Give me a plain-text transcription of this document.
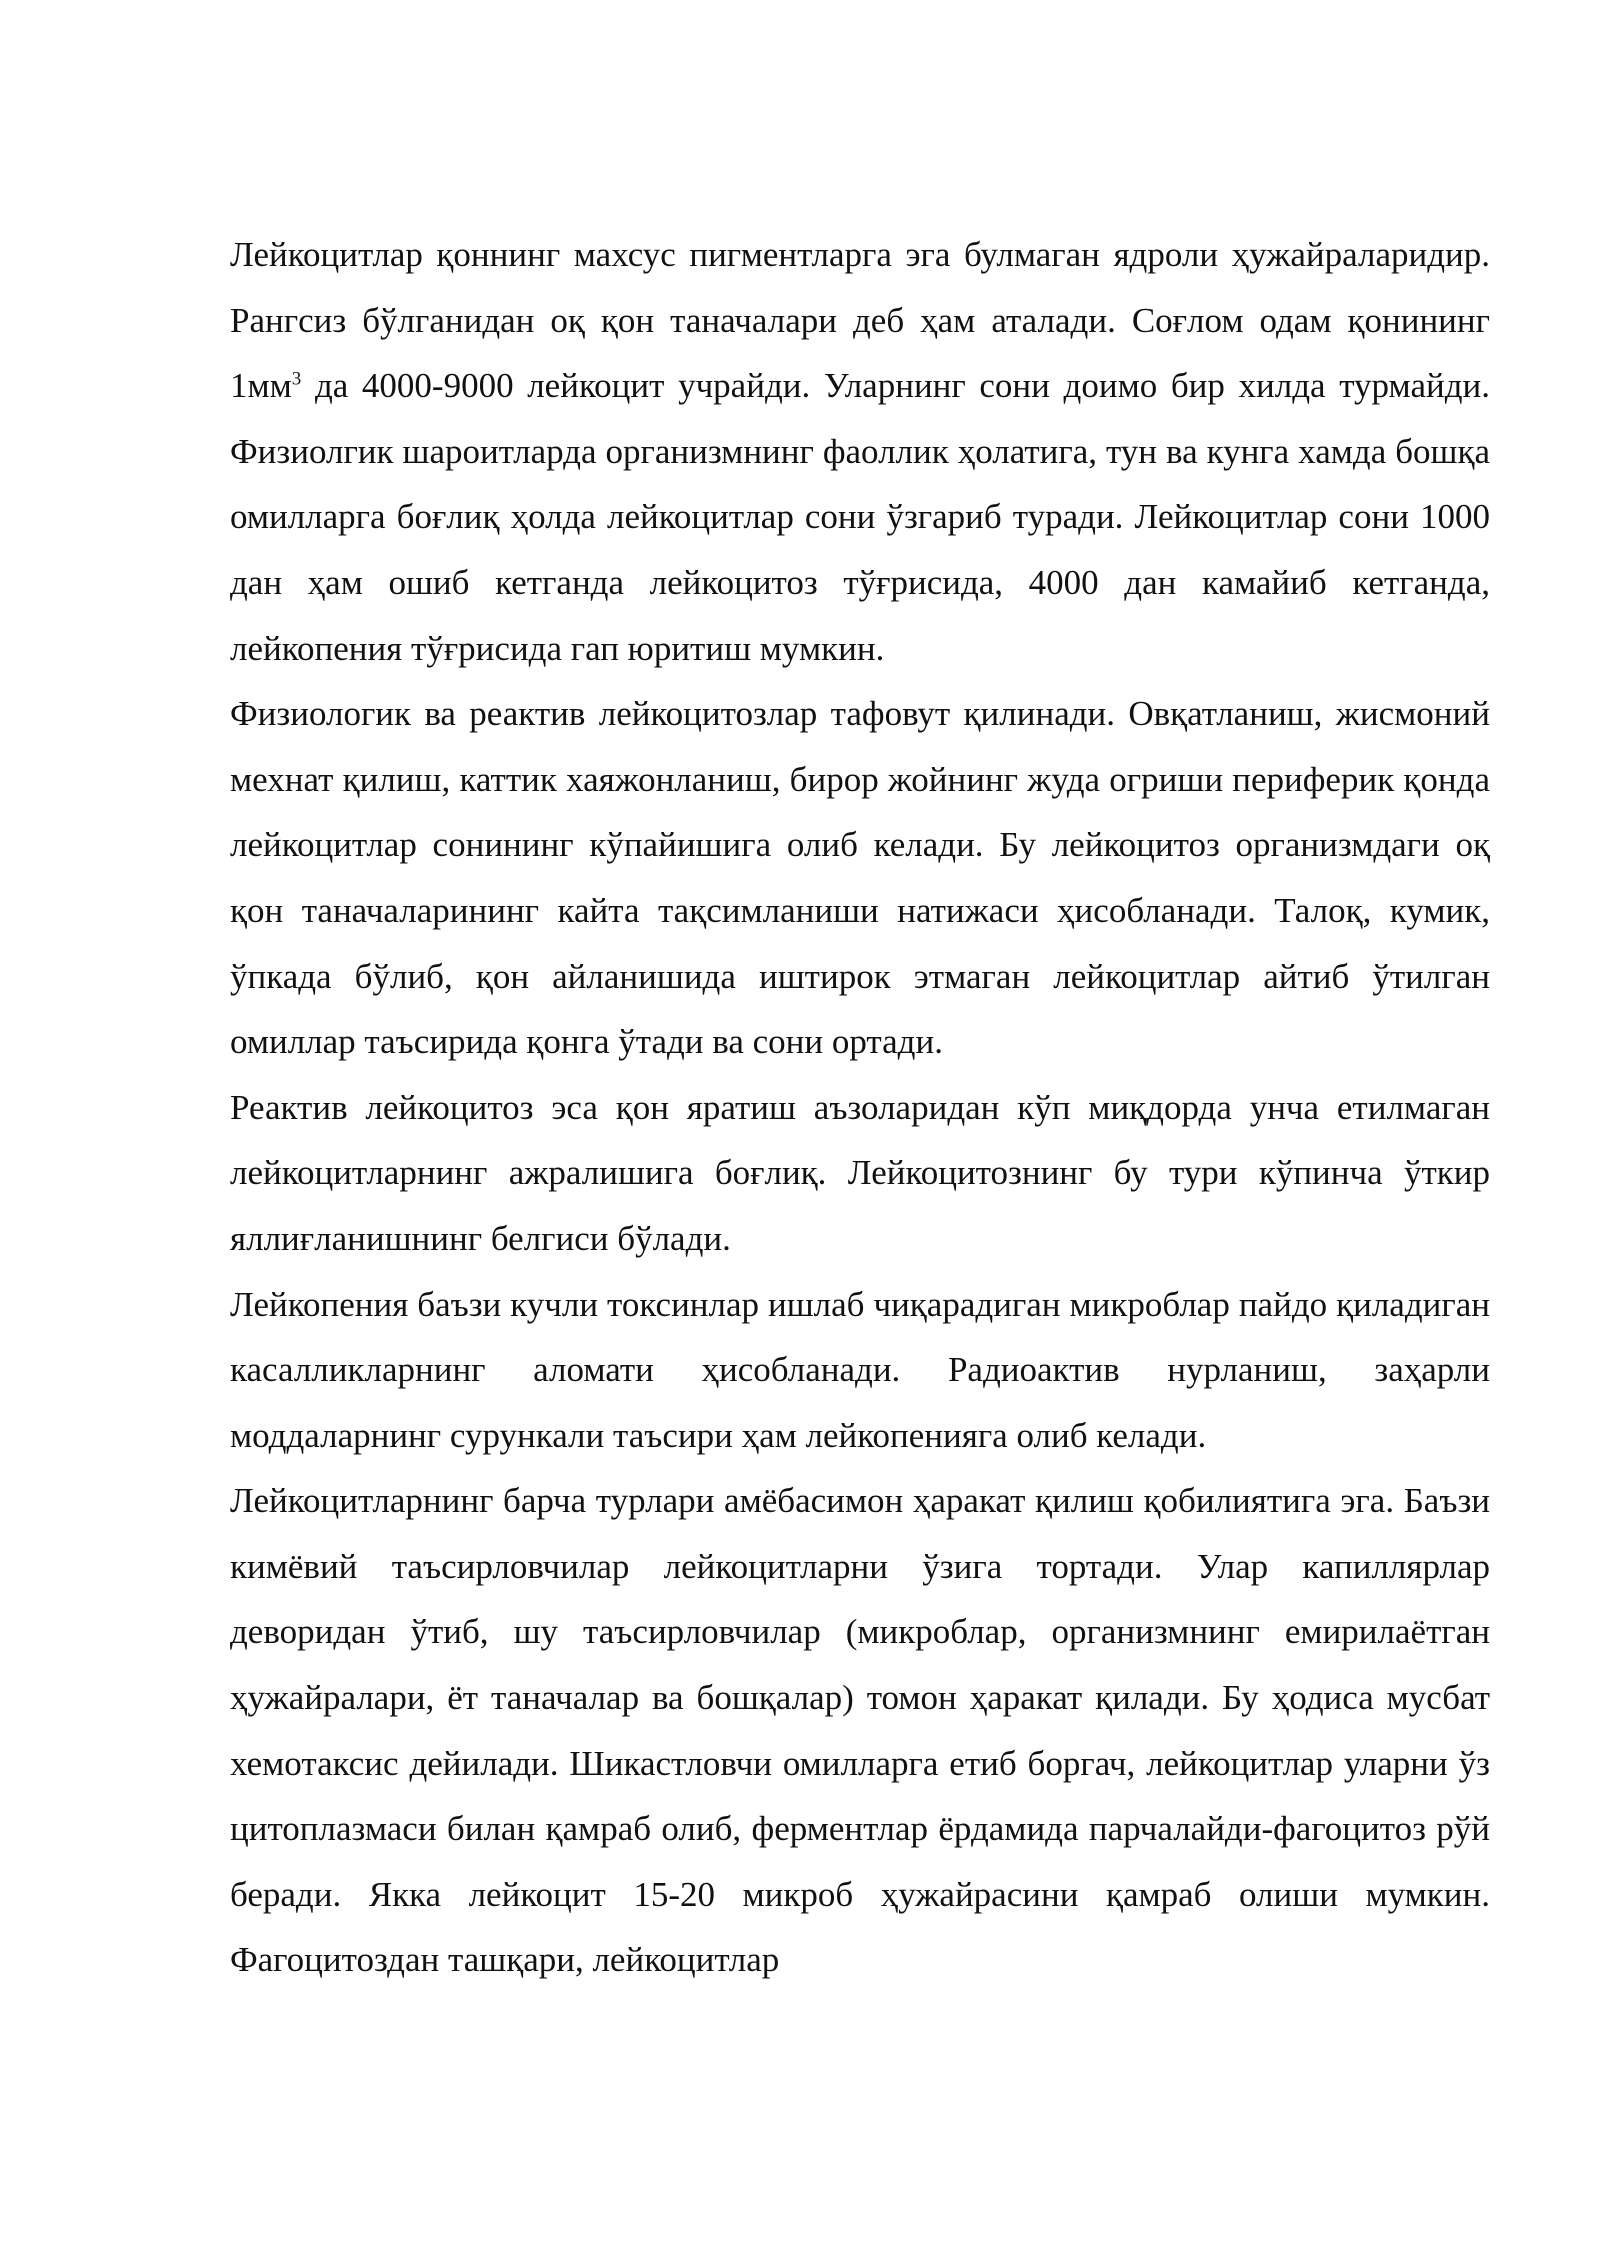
Лейкоцитлар қоннинг махсус пигментларга эга булмаган ядроли ҳужайраларидир. Рангсиз бўлганидан оқ қон таначалари деб ҳам аталади. Соғлом одам қонининг $1мм^3$ да 4000-9000 лейкоцит учрайди. Уларнинг сони доимо бир хилда турмайди. Физиолгик шароитларда организмнинг фаоллик ҳолатига, тун ва кунга хамда бошқа омилларга боғлиқ ҳолда лейкоцитлар сони ўзгариб туради. Лейкоцитлар сони 1000 дан ҳам ошиб кетганда лейкоцитоз тўғрисида, 4000 дан камайиб кетганда, лейкопения тўғрисида гап юритиш мумкин.

Физиологик ва реактив лейкоцитозлар тафовут қилинади. Овқатланиш, жисмоний мехнат қилиш, каттик хаяжонланиш, бирор жойнинг жуда огриши периферик қонда лейкоцитлар сонининг кўпайишига олиб келади. Бу лейкоцитоз организмдаги оқ қон таначаларининг кайта тақсимланиши натижаси ҳисобланади. Талоқ, кумик, ўпкада бўлиб, қон айланишида иштирок этмаган лейкоцитлар айтиб ўтилган омиллар таъсирида қонга ўтади ва сони ортади.

Реактив лейкоцитоз эса қон яратиш аъзоларидан кўп миқдорда унча етилмаган лейкоцитларнинг ажралишига боғлиқ. Лейкоцитознинг бу тури кўпинча ўткир яллиғланишнинг белгиси бўлади.

Лейкопения баъзи кучли токсинлар ишлаб чиқарадиган микроблар пайдо қиладиган касалликларнинг аломати ҳисобланади. Радиоактив нурланиш, заҳарли моддаларнинг сурункали таъсири ҳам лейкопенияга олиб келади.

Лейкоцитларнинг барча турлари амёбасимон ҳаракат қилиш қобилиятига эга. Баъзи кимёвий таъсирловчилар лейкоцитларни ўзига тортади. Улар капиллярлар деворидан ўтиб, шу таъсирловчилар (микроблар, организмнинг емирилаётган ҳужайралари, ёт таначалар ва бошқалар) томон ҳаракат қилади. Бу ҳодиса мусбат хемотаксис дейилади. Шикастловчи омилларга етиб боргач, лейкоцитлар уларни ўз цитоплазмаси билан қамраб олиб, ферментлар ёрдамида парчалайди-фагоцитоз рўй беради. Якка лейкоцит 15-20 микроб ҳужайрасини қамраб олиши мумкин. Фагоцитоздан ташқари, лейкоцитлар
